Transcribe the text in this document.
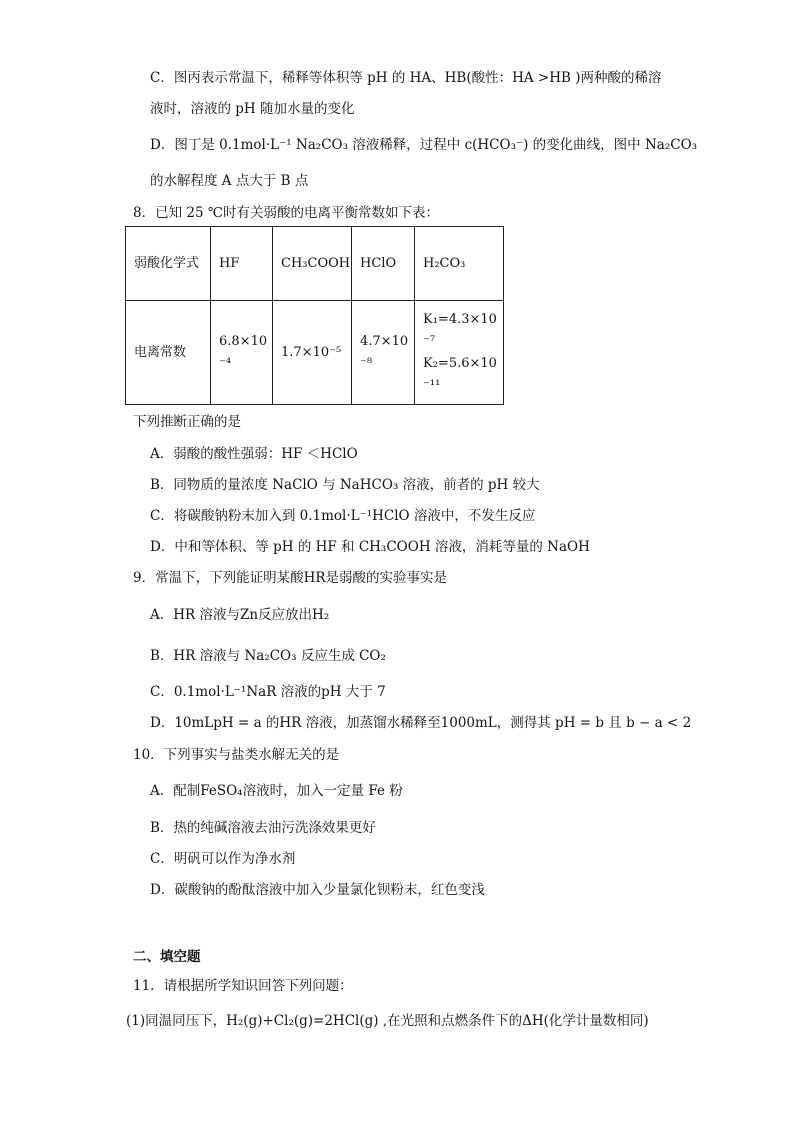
C．图丙表示常温下，稀释等体积等 pH 的 HA、HB(酸性：HA >HB )两种酸的稀溶
液时，溶液的 pH 随加水量的变化
D．图丁是 0.1mol·L⁻¹ Na₂CO₃ 溶液稀释，过程中 c(HCO₃⁻) 的变化曲线，图中 Na₂CO₃
的水解程度 A 点大于 B 点
8．已知 25 ℃时有关弱酸的电离平衡常数如下表：
弱酸化学式	HF	CH₃COOH	HClO	H₂CO₃
电离常数	6.8×10⁻⁴	1.7×10⁻⁵	4.7×10⁻⁸	K₁=4.3×10⁻⁷
K₂=5.6×10⁻¹¹
下列推断正确的是
A．弱酸的酸性强弱：HF ＜HClO
B．同物质的量浓度 NaClO 与 NaHCO₃ 溶液，前者的 pH 较大
C．将碳酸钠粉末加入到 0.1mol·L⁻¹HClO 溶液中，不发生反应
D．中和等体积、等 pH 的 HF 和 CH₃COOH 溶液，消耗等量的 NaOH
9．常温下，下列能证明某酸HR是弱酸的实验事实是
A．HR 溶液与Zn反应放出H₂
B．HR 溶液与 Na₂CO₃ 反应生成 CO₂
C．0.1mol·L⁻¹NaR 溶液的pH 大于 7
D．10mLpH = a 的HR 溶液，加蒸馏水稀释至1000mL，测得其 pH = b 且 b − a < 2
10．下列事实与盐类水解无关的是
A．配制FeSO₄溶液时，加入一定量 Fe 粉
B．热的纯碱溶液去油污洗涤效果更好
C．明矾可以作为净水剂
D．碳酸钠的酚酞溶液中加入少量氯化钡粉末，红色变浅
二、填空题
11．请根据所学知识回答下列问题：
(1)同温同压下，H₂(g)+Cl₂(g)=2HCl(g) ,在光照和点燃条件下的ΔH(化学计量数相同)
